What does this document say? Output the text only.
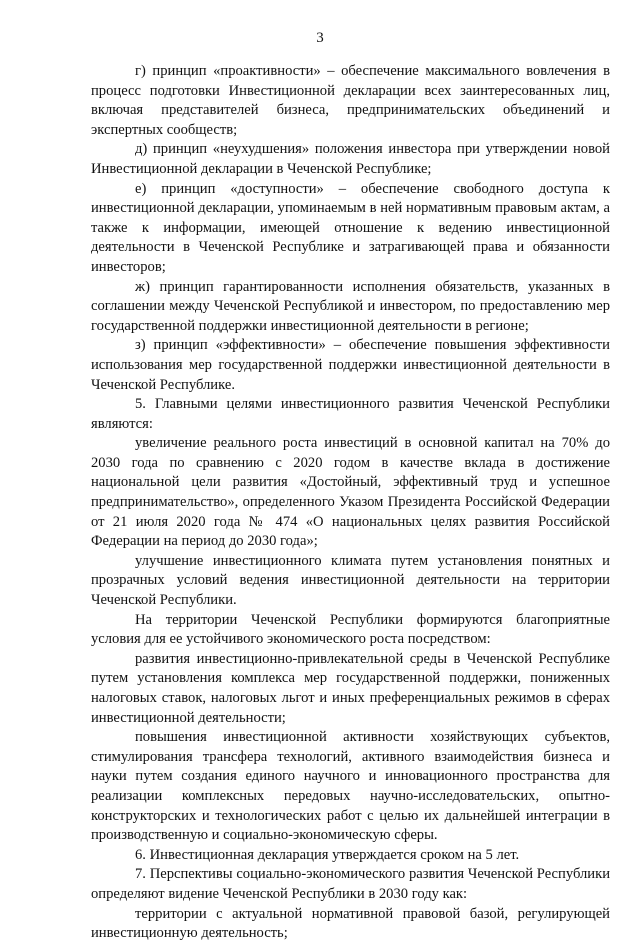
3

г) принцип «проактивности» – обеспечение максимального вовлечения в процесс подготовки Инвестиционной декларации всех заинтересованных лиц, включая представителей бизнеса, предпринимательских объединений и экспертных сообществ;

д) принцип «неухудшения» положения инвестора при утверждении новой Инвестиционной декларации в Чеченской Республике;

е) принцип «доступности» – обеспечение свободного доступа к инвестиционной декларации, упоминаемым в ней нормативным правовым актам, а также к информации, имеющей отношение к ведению инвестиционной деятельности в Чеченской Республике и затрагивающей права и обязанности инвесторов;

ж) принцип гарантированности исполнения обязательств, указанных в соглашении между Чеченской Республикой и инвестором, по предоставлению мер государственной поддержки инвестиционной деятельности в регионе;

з) принцип «эффективности» – обеспечение повышения эффективности использования мер государственной поддержки инвестиционной деятельности в Чеченской Республике.

5. Главными целями инвестиционного развития Чеченской Республики являются:

увеличение реального роста инвестиций в основной капитал на 70% до 2030 года по сравнению с 2020 годом в качестве вклада в достижение национальной цели развития «Достойный, эффективный труд и успешное предпринимательство», определенного Указом Президента Российской Федерации от 21 июля 2020 года № 474 «О национальных целях развития Российской Федерации на период до 2030 года»;

улучшение инвестиционного климата путем установления понятных и прозрачных условий ведения инвестиционной деятельности на территории Чеченской Республики.

На территории Чеченской Республики формируются благоприятные условия для ее устойчивого экономического роста посредством:

развития инвестиционно-привлекательной среды в Чеченской Республике путем установления комплекса мер государственной поддержки, пониженных налоговых ставок, налоговых льгот и иных преференциальных режимов в сферах инвестиционной деятельности;

повышения инвестиционной активности хозяйствующих субъектов, стимулирования трансфера технологий, активного взаимодействия бизнеса и науки путем создания единого научного и инновационного пространства для реализации комплексных передовых научно-исследовательских, опытно-конструкторских и технологических работ с целью их дальнейшей интеграции в производственную и социально-экономическую сферы.

6. Инвестиционная декларация утверждается сроком на 5 лет.

7. Перспективы социально-экономического развития Чеченской Республики определяют видение Чеченской Республики в 2030 году как:

территории с актуальной нормативной правовой базой, регулирующей инвестиционную деятельность;
